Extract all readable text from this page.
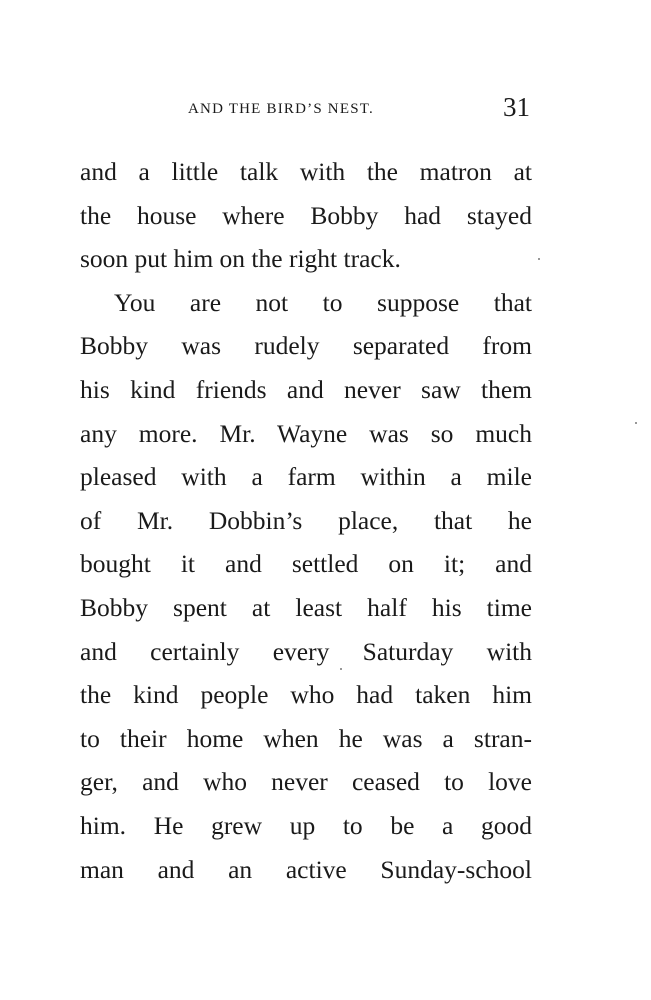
AND THE BIRD’S NEST.	31
and a little talk with the matron at
the house where Bobby had stayed
soon put him on the right track.
You are not to suppose that
Bobby was rudely separated from
his kind friends and never saw them
any more. Mr. Wayne was so much
pleased with a farm within a mile
of Mr. Dobbin’s place, that he
bought it and settled on it; and
Bobby spent at least half his time
and certainly every Saturday with
the kind people who had taken him
to their home when he was a stran-
ger, and who never ceased to love
him. He grew up to be a good
man and an active Sunday-school
